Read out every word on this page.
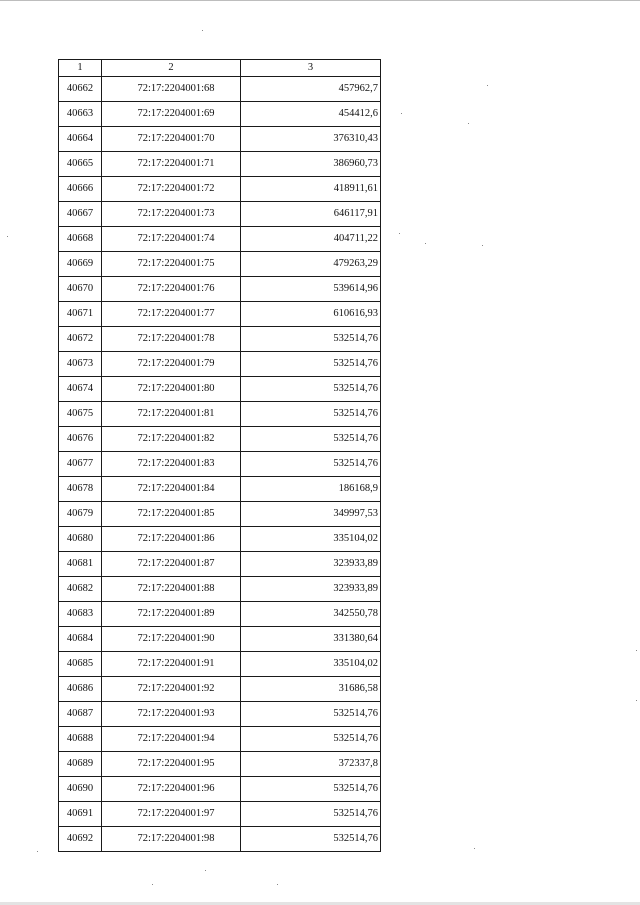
1	2	3
40662	72:17:2204001:68	457962,7
40663	72:17:2204001:69	454412,6
40664	72:17:2204001:70	376310,43
40665	72:17:2204001:71	386960,73
40666	72:17:2204001:72	418911,61
40667	72:17:2204001:73	646117,91
40668	72:17:2204001:74	404711,22
40669	72:17:2204001:75	479263,29
40670	72:17:2204001:76	539614,96
40671	72:17:2204001:77	610616,93
40672	72:17:2204001:78	532514,76
40673	72:17:2204001:79	532514,76
40674	72:17:2204001:80	532514,76
40675	72:17:2204001:81	532514,76
40676	72:17:2204001:82	532514,76
40677	72:17:2204001:83	532514,76
40678	72:17:2204001:84	186168,9
40679	72:17:2204001:85	349997,53
40680	72:17:2204001:86	335104,02
40681	72:17:2204001:87	323933,89
40682	72:17:2204001:88	323933,89
40683	72:17:2204001:89	342550,78
40684	72:17:2204001:90	331380,64
40685	72:17:2204001:91	335104,02
40686	72:17:2204001:92	31686,58
40687	72:17:2204001:93	532514,76
40688	72:17:2204001:94	532514,76
40689	72:17:2204001:95	372337,8
40690	72:17:2204001:96	532514,76
40691	72:17:2204001:97	532514,76
40692	72:17:2204001:98	532514,76
